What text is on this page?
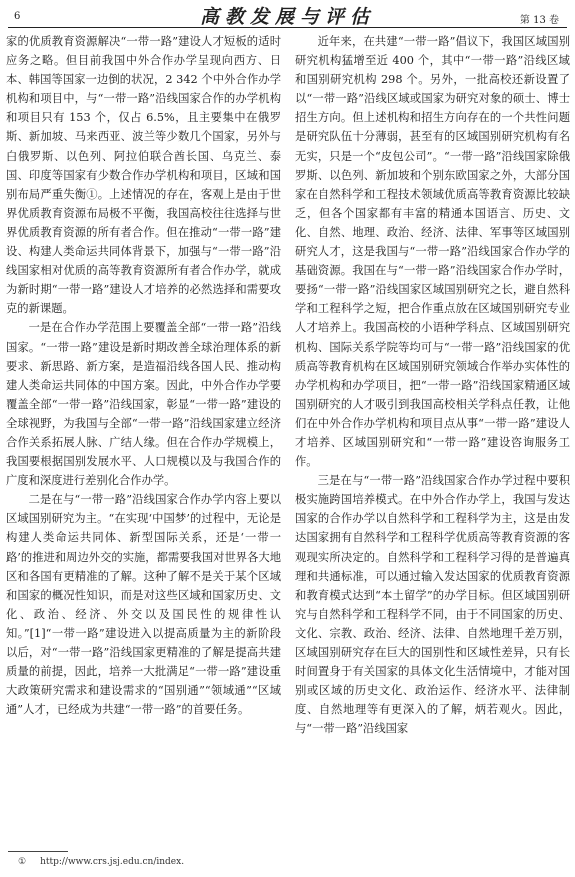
6	高教发展与评估	第 13 卷

家的优质教育资源解决“一带一路”建设人才短板的适时应务之略。但目前我国中外合作办学呈现向西方、日本、韩国等国家一边倒的状况，2 342 个中外合作办学机构和项目中，与“一带一路”沿线国家合作的办学机构和项目只有 153 个，仅占 6.5%，且主要集中在俄罗斯、新加坡、马来西亚、波兰等少数几个国家，另外与白俄罗斯、以色列、阿拉伯联合酋长国、乌克兰、泰国、印度等国家有少数合作办学机构和项目，区域和国别布局严重失衡①。上述情况的存在，客观上是由于世界优质教育资源布局极不平衡，我国高校往往选择与世界优质教育资源的所有者合作。但在推动“一带一路”建设、构建人类命运共同体背景下，加强与“一带一路”沿线国家相对优质的高等教育资源所有者合作办学，就成为新时期“一带一路”建设人才培养的必然选择和需要攻克的新课题。

一是在合作办学范围上要覆盖全部“一带一路”沿线国家。“一带一路”建设是新时期改善全球治理体系的新要求、新思路、新方案，是造福沿线各国人民、推动构建人类命运共同体的中国方案。因此，中外合作办学要覆盖全部“一带一路”沿线国家，彰显“一带一路”建设的全球视野，为我国与全部“一带一路”沿线国家建立经济合作关系拓展人脉、广结人缘。但在合作办学规模上，我国要根据国别发展水平、人口规模以及与我国合作的广度和深度进行差别化合作办学。

二是在与“一带一路”沿线国家合作办学内容上要以区域国别研究为主。“在实现‘中国梦’的过程中，无论是构建人类命运共同体、新型国际关系，还是‘一带一路’的推进和周边外交的实施，都需要我国对世界各大地区和各国有更精准的了解。这种了解不是关于某个区域和国家的概况性知识，而是对这些区域和国家历史、文化、政治、经济、外交以及国民性的规律性认知。”[1]“一带一路”建设进入以提高质量为主的新阶段以后，对“一带一路”沿线国家更精准的了解是提高共建质量的前提，因此，培养一大批满足“一带一路”建设重大政策研究需求和建设需求的“国别通”“领域通”“区域通”人才，已经成为共建“一带一路”的首要任务。

近年来，在共建“一带一路”倡议下，我国区域国别研究机构猛增至近 400 个，其中“一带一路”沿线区域和国别研究机构 298 个。另外，一批高校还新设置了以“一带一路”沿线区域或国家为研究对象的硕士、博士招生方向。但上述机构和招生方向存在的一个共性问题是研究队伍十分薄弱，甚至有的区域国别研究机构有名无实，只是一个“皮包公司”。“一带一路”沿线国家除俄罗斯、以色列、新加坡和个别东欧国家之外，大部分国家在自然科学和工程技术领域优质高等教育资源比较缺乏，但各个国家都有丰富的精通本国语言、历史、文化、自然、地理、政治、经济、法律、军事等区域国别研究人才，这是我国与“一带一路”沿线国家合作办学的基础资源。我国在与“一带一路”沿线国家合作办学时，要扬“一带一路”沿线国家区域国别研究之长，避自然科学和工程科学之短，把合作重点放在区域国别研究专业人才培养上。我国高校的小语种学科点、区域国别研究机构、国际关系学院等均可与“一带一路”沿线国家的优质高等教育机构在区域国别研究领域合作举办实体性的办学机构和办学项目，把“一带一路”沿线国家精通区域国别研究的人才吸引到我国高校相关学科点任教，让他们在中外合作办学机构和项目点从事“一带一路”建设人才培养、区域国别研究和“一带一路”建设咨询服务工作。

三是在与“一带一路”沿线国家合作办学过程中要积极实施跨国培养模式。在中外合作办学上，我国与发达国家的合作办学以自然科学和工程科学为主，这是由发达国家拥有自然科学和工程科学优质高等教育资源的客观现实所决定的。自然科学和工程科学习得的是普遍真理和共通标准，可以通过输入发达国家的优质教育资源和教育模式达到“本土留学”的办学目标。但区域国别研究与自然科学和工程科学不同，由于不同国家的历史、文化、宗教、政治、经济、法律、自然地理千差万别，区域国别研究存在巨大的国别性和区域性差异，只有长时间置身于有关国家的具体文化生活情境中，才能对国别或区域的历史文化、政治运作、经济水平、法律制度、自然地理等有更深入的了解，炳若观火。因此，与“一带一路”沿线国家

① http://www.crs.jsj.edu.cn/index.
